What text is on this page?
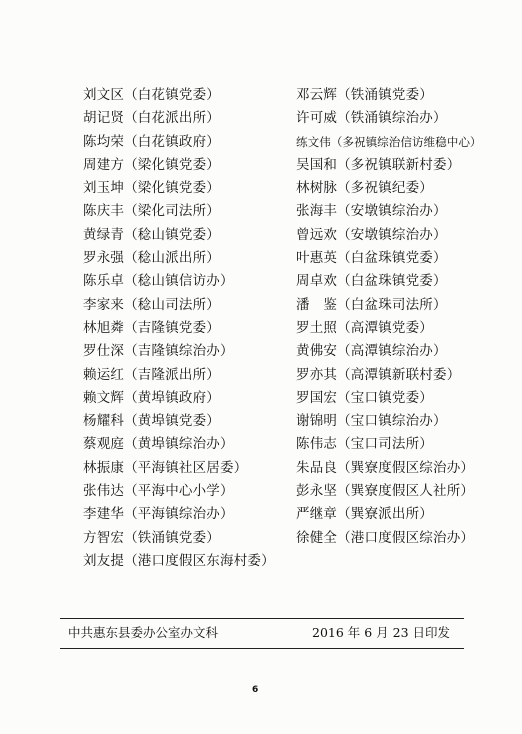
刘文区（白花镇党委）
胡记贤（白花派出所）
陈均荣（白花镇政府）
周建方（梁化镇党委）
刘玉坤（梁化镇党委）
陈庆丰（梁化司法所）
黄绿青（稔山镇党委）
罗永强（稔山派出所）
陈乐卓（稔山镇信访办）
李家来（稔山司法所）
林旭粦（吉隆镇党委）
罗仕深（吉隆镇综治办）
赖运红（吉隆派出所）
赖文辉（黄埠镇政府）
杨耀科（黄埠镇党委）
蔡观庭（黄埠镇综治办）
林振康（平海镇社区居委）
张伟达（平海中心小学）
李建华（平海镇综治办）
方智宏（铁涌镇党委）
刘友提（港口度假区东海村委）
邓云辉（铁涌镇党委）
许可威（铁涌镇综治办）
练文伟（多祝镇综治信访维稳中心）
吴国和（多祝镇联新村委）
林树脉（多祝镇纪委）
张海丰（安墩镇综治办）
曾远欢（安墩镇综治办）
叶惠英（白盆珠镇党委）
周卓欢（白盆珠镇党委）
潘　鉴（白盆珠司法所）
罗土照（高潭镇党委）
黄佛安（高潭镇综治办）
罗亦其（高潭镇新联村委）
罗国宏（宝口镇党委）
谢锦明（宝口镇综治办）
陈伟志（宝口司法所）
朱品良（巽寮度假区综治办）
彭永坚（巽寮度假区人社所）
严继章（巽寮派出所）
徐健全（港口度假区综治办）
中共惠东县委办公室办文科	2016 年 6 月 23 日印发
6
